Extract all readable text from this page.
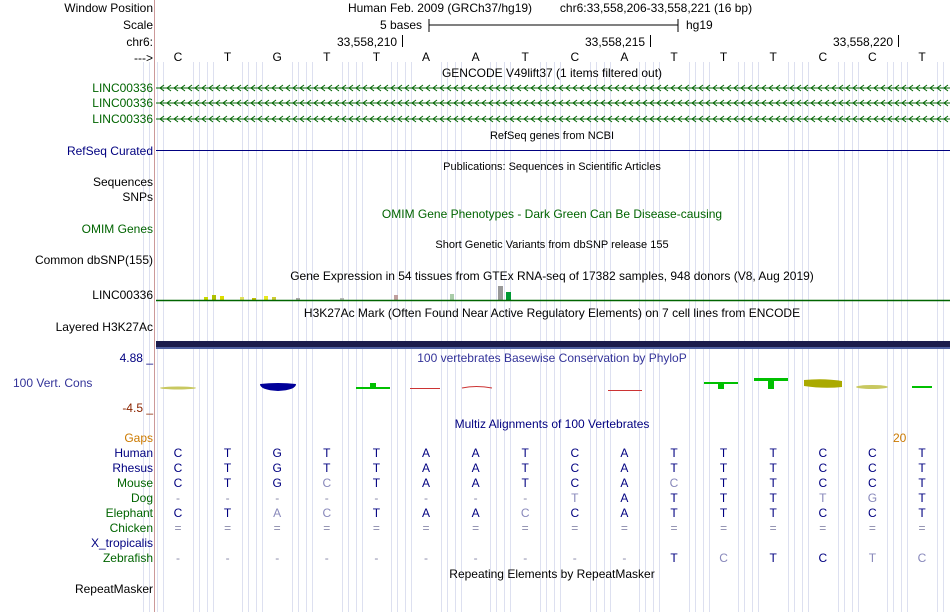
Window Position	Human Feb. 2009 (GRCh37/hg19) chr6:33,558,206-33,558,221 (16 bp)
Scale	5 bases	hg19
chr6:	33,558,210	33,558,215	33,558,220
---> C	T	G	T	T	A	A	T	C	A	T	T	T	C	C	T
GENCODE V49lift37 (1 items filtered out)
LINC00336
LINC00336
LINC00336
RefSeq genes from NCBI
RefSeq Curated
Publications: Sequences in Scientific Articles
Sequences
SNPs
OMIM Gene Phenotypes - Dark Green Can Be Disease-causing
OMIM Genes
Short Genetic Variants from dbSNP release 155
Common dbSNP(155)
Gene Expression in 54 tissues from GTEx RNA-seq of 17382 samples, 948 donors (V8, Aug 2019)
LINC00336
H3K27Ac Mark (Often Found Near Active Regulatory Elements) on 7 cell lines from ENCODE
Layered H3K27Ac
4.88 _	100 vertebrates Basewise Conservation by PhyloP
100 Vert. Cons
-4.5 _
Multiz Alignments of 100 Vertebrates
Gaps	20
Human C	T	G	T	T	A	A	T	C	A	T	T	T	C	C	T
Rhesus C	T	G	T	T	A	A	T	C	A	T	T	T	C	C	T
Mouse C	T	G	C	T	A	A	T	C	A	C	T	T	C	C	T
Dog	-	-	-	-	-	-	-	-	T	A	T	T	T	T	G	T
Elephant C	T	A	C	T	A	A	C	C	A	T	T	T	C	C	T
Chicken =	=	=	=	=	=	=	=	=	=	=	=	=	=	=	=
X_tropicalis
Zebrafish	-	-	-	-	-	-	-	-	-	-	T	C	T	C	T	C
Repeating Elements by RepeatMasker
RepeatMasker
